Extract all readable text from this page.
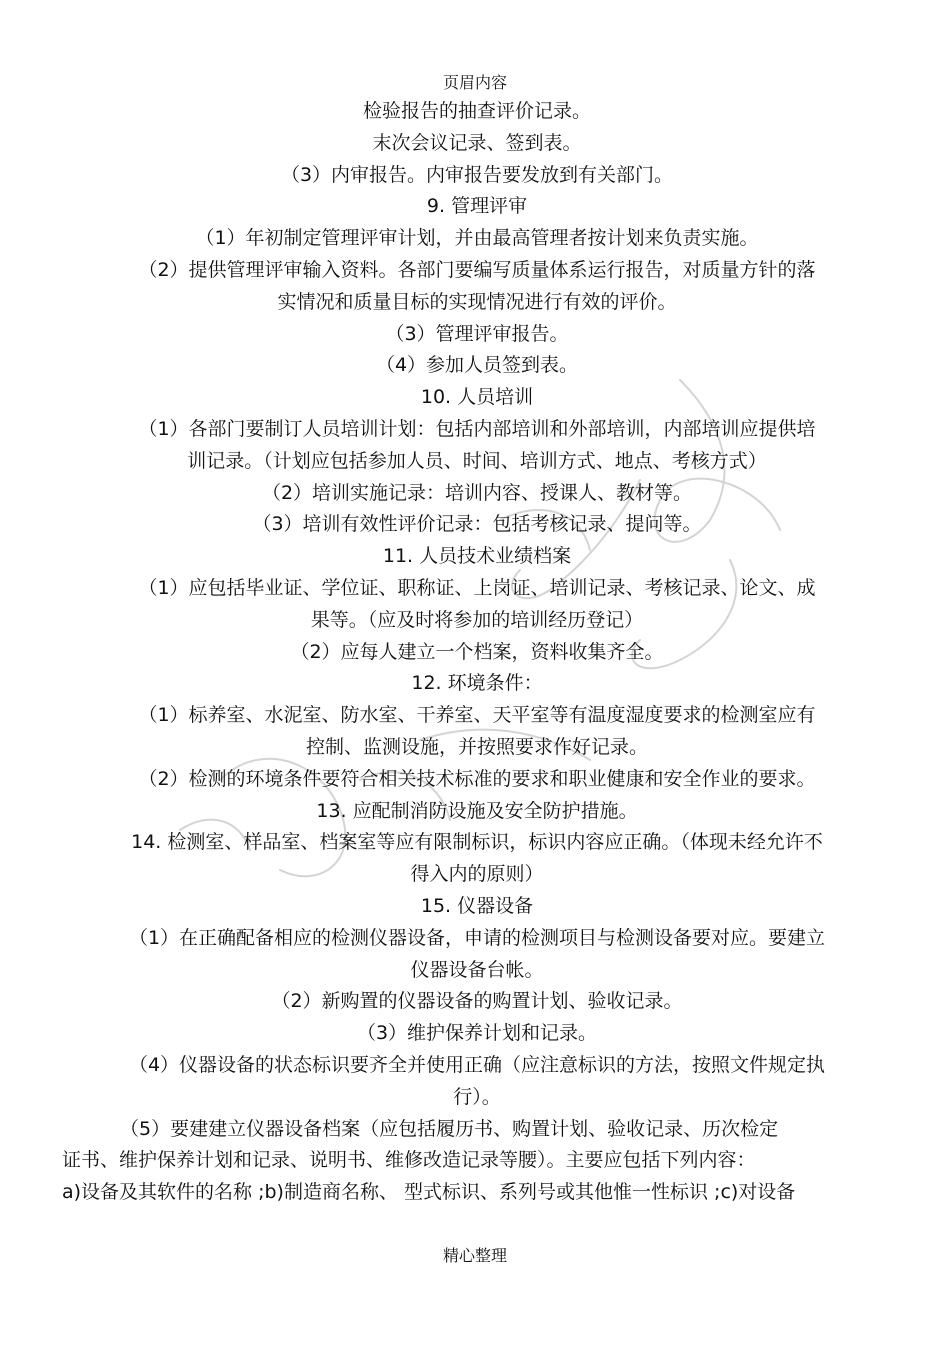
页眉内容
检验报告的抽查评价记录。
末次会议记录、签到表。
（3）内审报告。内审报告要发放到有关部门。
9. 管理评审
（1）年初制定管理评审计划，并由最高管理者按计划来负责实施。
（2）提供管理评审输入资料。各部门要编写质量体系运行报告，对质量方针的落
实情况和质量目标的实现情况进行有效的评价。
（3）管理评审报告。
（4）参加人员签到表。
10. 人员培训
（1）各部门要制订人员培训计划：包括内部培训和外部培训，内部培训应提供培
训记录。（计划应包括参加人员、时间、培训方式、地点、考核方式）
（2）培训实施记录：培训内容、授课人、教材等。
（3）培训有效性评价记录：包括考核记录、提问等。
11. 人员技术业绩档案
（1）应包括毕业证、学位证、职称证、上岗证、培训记录、考核记录、论文、成
果等。（应及时将参加的培训经历登记）
（2）应每人建立一个档案，资料收集齐全。
12. 环境条件：
（1）标养室、水泥室、防水室、干养室、天平室等有温度湿度要求的检测室应有
控制、监测设施，并按照要求作好记录。
（2）检测的环境条件要符合相关技术标准的要求和职业健康和安全作业的要求。
13. 应配制消防设施及安全防护措施。
14. 检测室、样品室、档案室等应有限制标识，标识内容应正确。（体现未经允许不
得入内的原则）
15. 仪器设备
（1）在正确配备相应的检测仪器设备，申请的检测项目与检测设备要对应。要建立
仪器设备台帐。
（2）新购置的仪器设备的购置计划、验收记录。
（3）维护保养计划和记录。
（4）仪器设备的状态标识要齐全并使用正确（应注意标识的方法，按照文件规定执
行）。
（5）要建建立仪器设备档案（应包括履历书、购置计划、验收记录、历次检定
证书、维护保养计划和记录、说明书、维修改造记录等腰）。主要应包括下列内容：
a)设备及其软件的名称 ;b)制造商名称、 型式标识、系列号或其他惟一性标识 ;c)对设备
精心整理
